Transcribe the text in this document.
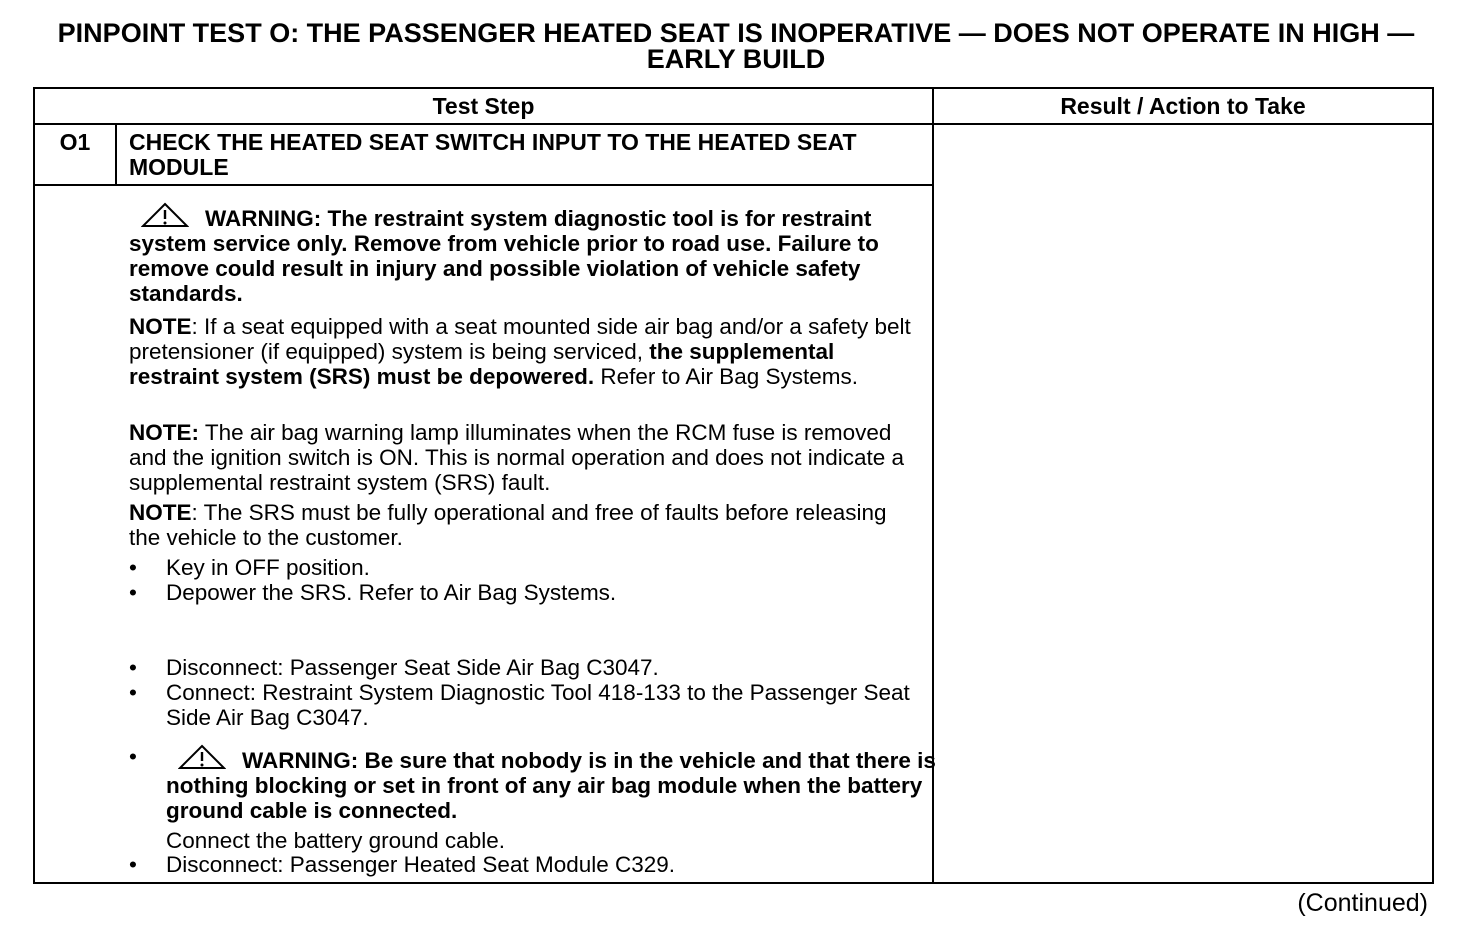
PINPOINT TEST O: THE PASSENGER HEATED SEAT IS INOPERATIVE — DOES NOT OPERATE IN HIGH — EARLY BUILD
Test Step	Result / Action to Take
O1	CHECK THE HEATED SEAT SWITCH INPUT TO THE HEATED SEAT MODULE
WARNING: The restraint system diagnostic tool is for restraint system service only. Remove from vehicle prior to road use. Failure to remove could result in injury and possible violation of vehicle safety standards.
NOTE: If a seat equipped with a seat mounted side air bag and/or a safety belt pretensioner (if equipped) system is being serviced, the supplemental restraint system (SRS) must be depowered. Refer to Air Bag Systems.
NOTE: The air bag warning lamp illuminates when the RCM fuse is removed and the ignition switch is ON. This is normal operation and does not indicate a supplemental restraint system (SRS) fault.
NOTE: The SRS must be fully operational and free of faults before releasing the vehicle to the customer.
• Key in OFF position.
• Depower the SRS. Refer to Air Bag Systems.
• Disconnect: Passenger Seat Side Air Bag C3047.
• Connect: Restraint System Diagnostic Tool 418-133 to the Passenger Seat Side Air Bag C3047.
•	WARNING: Be sure that nobody is in the vehicle and that there is nothing blocking or set in front of any air bag module when the battery ground cable is connected.
Connect the battery ground cable.
• Disconnect: Passenger Heated Seat Module C329.
(Continued)
